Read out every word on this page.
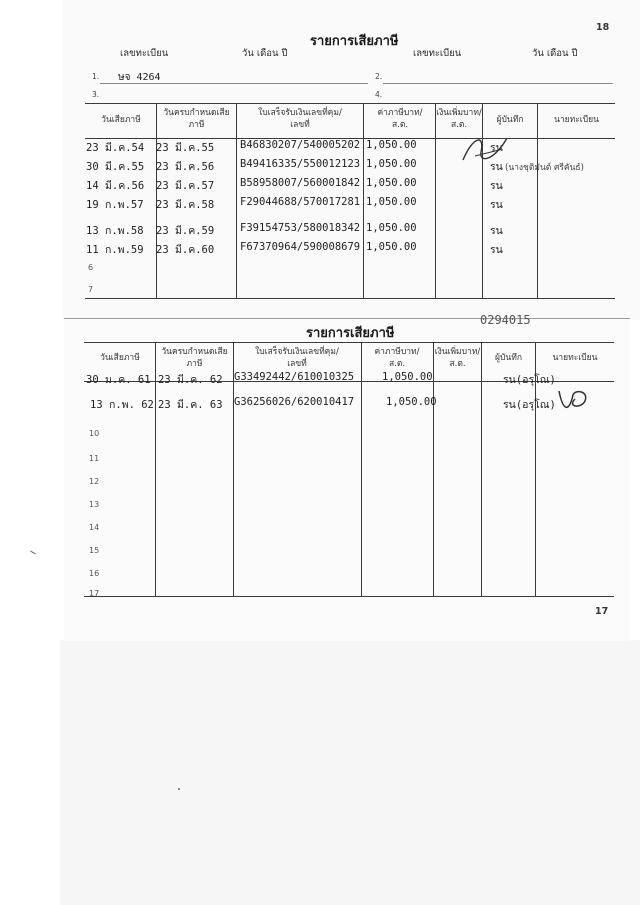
18
รายการเสียภาษี
เลขทะเบียน	วัน เดือน ปี	เลขทะเบียน	วัน เดือน ปี
1. ษจ 4264	2.
3.	4.
วันเสียภาษี
วันครบกำหนดเสียภาษี
ใบเสร็จรับเงินเลขที่คุม/เลขที่
ค่าภาษีบาท/ส.ต.
เงินเพิ่มบาท/ส.ต.	ผู้บันทึก	นายทะเบียน
23 มี.ค.54 23 มี.ค.55 B46830207/540005202 1,050.00	รน
30 มี.ค.55 23 มี.ค.56 B49416335/550012123 1,050.00	รน (นางชุติมันต์ ศรีคันธ์)
14 มี.ค.56 23 มี.ค.57 B58958007/560001842 1,050.00	รน
19 ก.พ.57 23 มี.ค.58 F29044688/570017281 1,050.00	รน
13 ก.พ.58 23 มี.ค.59 F39154753/580018342 1,050.00	รน
11 ก.พ.59 23 มี.ค.60 F67370964/590008679 1,050.00	รน
6
7
0294015
รายการเสียภาษี
วันเสียภาษี
วันครบกำหนดเสียภาษี
ใบเสร็จรับเงินเลขที่คุม/เลขที่
ค่าภาษีบาท/ส.ต.
เงินเพิ่มบาท/ส.ต.
ผู้บันทึก	นายทะเบียน
30 ม.ค. 61 23 มี.ค. 62 G33492442/610010325	1,050.00	รน(อรุโณ)
13 ก.พ. 62 23 มี.ค. 63 G36256026/620010417	1,050.00	รน(อรุโณ)
10
11
12
13
14
15
16
17
17
